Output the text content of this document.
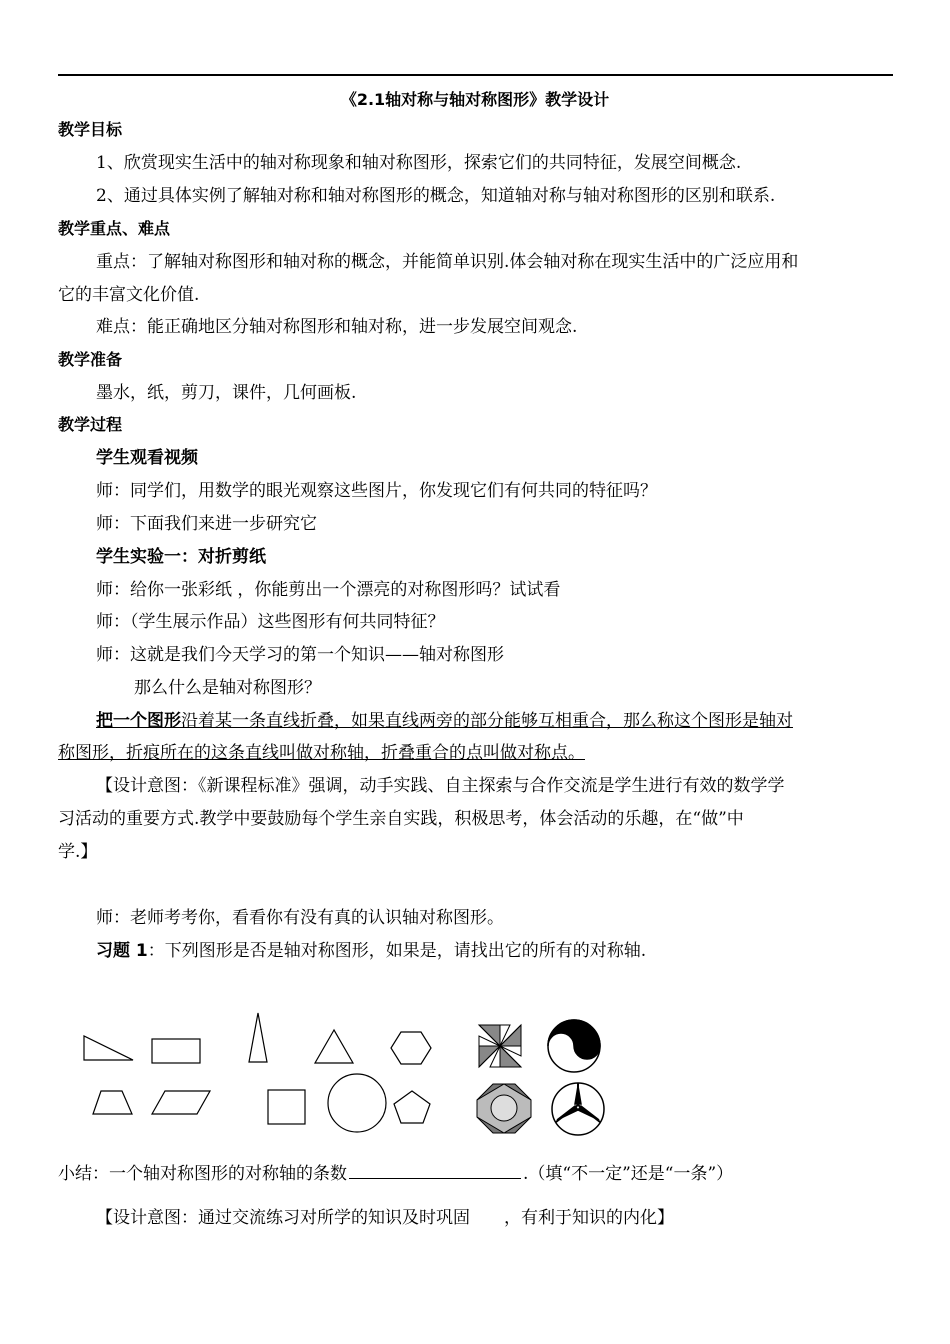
《2.1轴对称与轴对称图形》教学设计
教学目标
1、欣赏现实生活中的轴对称现象和轴对称图形，探索它们的共同特征，发展空间概念.
2、通过具体实例了解轴对称和轴对称图形的概念，知道轴对称与轴对称图形的区别和联系.
教学重点、难点
重点：了解轴对称图形和轴对称的概念，并能简单识别.体会轴对称在现实生活中的广泛应用和
它的丰富文化价值.
难点：能正确地区分轴对称图形和轴对称，进一步发展空间观念.
教学准备
墨水，纸，剪刀，课件，几何画板.
教学过程
学生观看视频
师：同学们，用数学的眼光观察这些图片，你发现它们有何共同的特征吗？
师：下面我们来进一步研究它
学生实验一：对折剪纸
师：给你一张彩纸 ，你能剪出一个漂亮的对称图形吗？试试看
师：（学生展示作品）这些图形有何共同特征？
师：这就是我们今天学习的第一个知识——轴对称图形
那么什么是轴对称图形？
把一个图形沿着某一条直线折叠，如果直线两旁的部分能够互相重合，那么称这个图形是轴对
称图形，折痕所在的这条直线叫做对称轴，折叠重合的点叫做对称点。
【设计意图：《新课程标准》强调，动手实践、自主探索与合作交流是学生进行有效的数学学
习活动的重要方式.教学中要鼓励每个学生亲自实践，积极思考，体会活动的乐趣，在“做”中
学.】
师：老师考考你，看看你有没有真的认识轴对称图形。
习题 1：下列图形是否是轴对称图形，如果是，请找出它的所有的对称轴.
小结：一个轴对称图形的对称轴的条数	.（填“不一定”还是“一条”）
【设计意图：通过交流练习对所学的知识及时巩固　　，有利于知识的内化】
